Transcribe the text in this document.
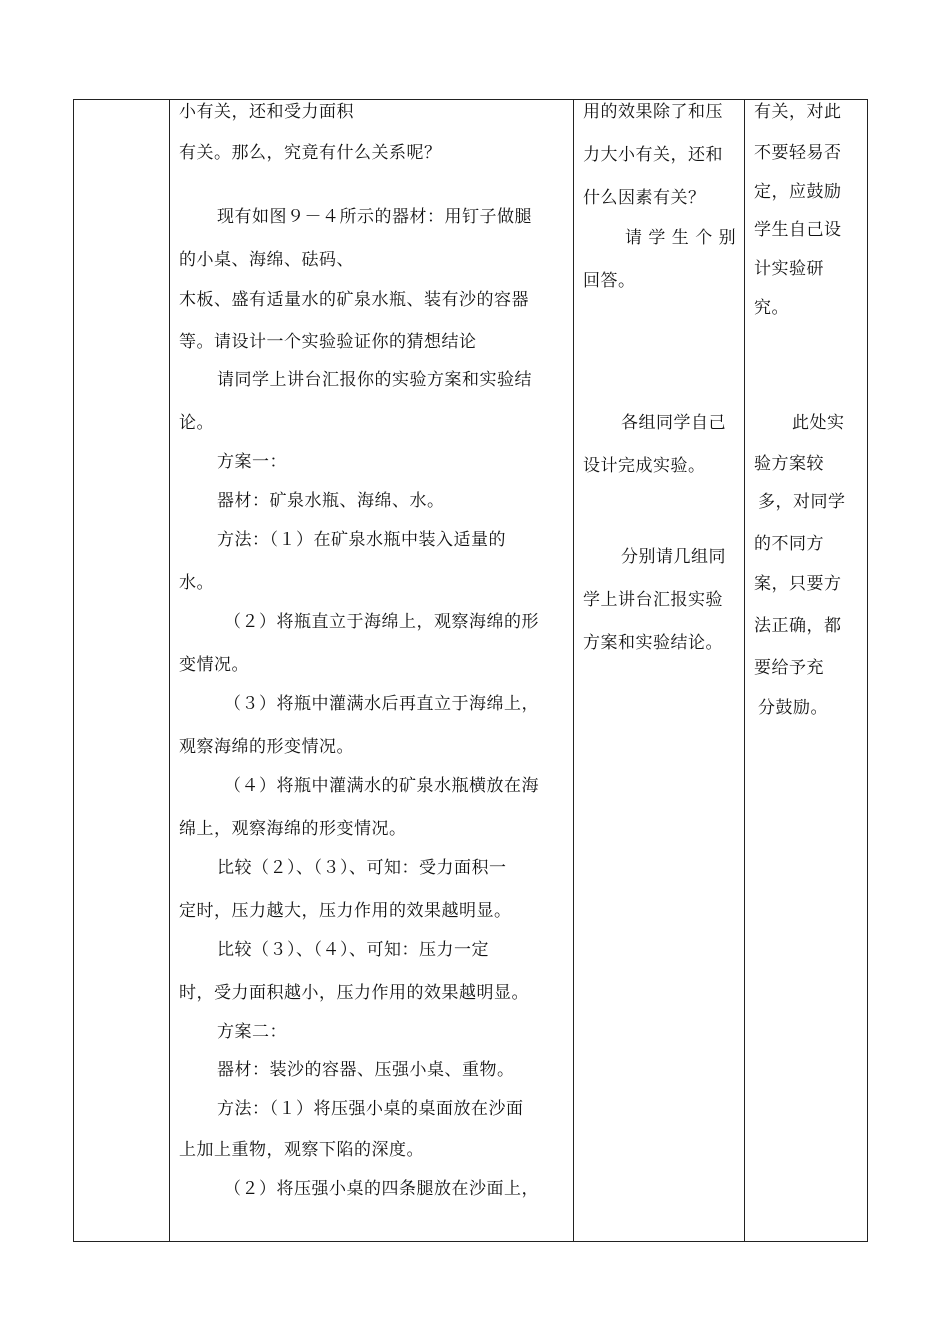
小有关，还和受力面积
有关。那么，究竟有什么关系呢？
现有如图９－４所示的器材：用钉子做腿
的小桌、海绵、砝码、
木板、盛有适量水的矿泉水瓶、装有沙的容器
等。请设计一个实验验证你的猜想结论
请同学上讲台汇报你的实验方案和实验结
论。
方案一：
器材：矿泉水瓶、海绵、水。
方法：（１）在矿泉水瓶中装入适量的
水。
（２）将瓶直立于海绵上，观察海绵的形
变情况。
（３）将瓶中灌满水后再直立于海绵上，
观察海绵的形变情况。
（４）将瓶中灌满水的矿泉水瓶横放在海
绵上，观察海绵的形变情况。
比较（２）、（３）、可知：受力面积一
定时，压力越大，压力作用的效果越明显。
比较（３）、（４）、可知：压力一定
时，受力面积越小，压力作用的效果越明显。
方案二：
器材：装沙的容器、压强小桌、重物。
方法：（１）将压强小桌的桌面放在沙面
上加上重物，观察下陷的深度。
（２）将压强小桌的四条腿放在沙面上，
用的效果除了和压
力大小有关，还和
什么因素有关？
请 学 生 个 别
回答。
各组同学自己
设计完成实验。
分别请几组同
学上讲台汇报实验
方案和实验结论。
有关，对此
不要轻易否
定，应鼓励
学生自己设
计实验研
究。
此处实
验方案较
多，对同学
的不同方
案，只要方
法正确，都
要给予充
分鼓励。
